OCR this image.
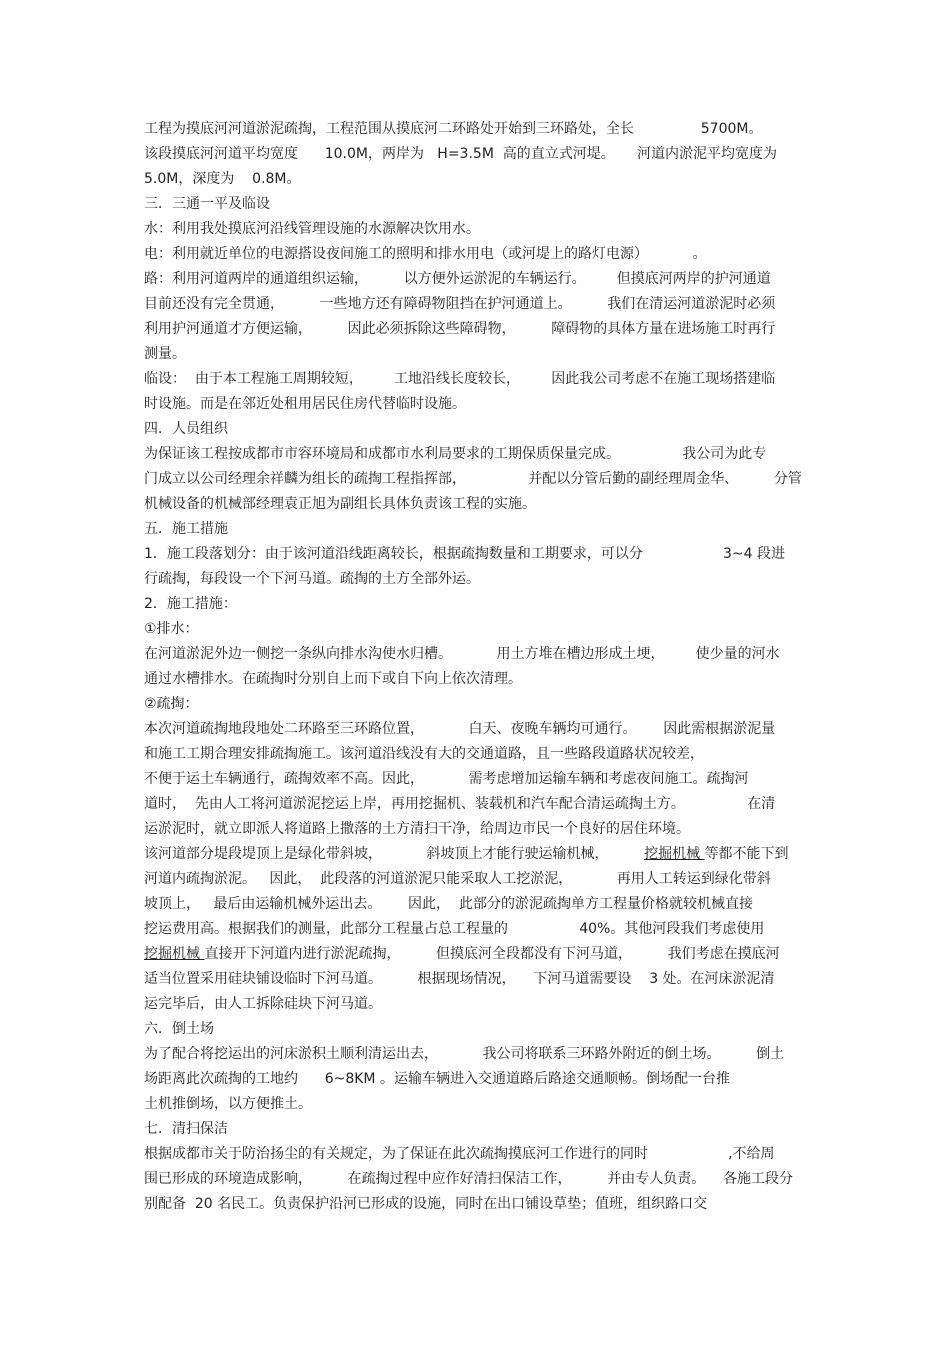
工程为摸底河河道淤泥疏掏，工程范围从摸底河二环路处开始到三环路处，全长               5700M。
该段摸底河河道平均宽度      10.0M，两岸为   H=3.5M  高的直立式河堤。     河道内淤泥平均宽度为
5.0M，深度为    0.8M。
三．三通一平及临设
水：利用我处摸底河沿线管理设施的水源解决饮用水。
电：利用就近单位的电源搭设夜间施工的照明和排水用电（或河堤上的路灯电源）          。
路：利用河道两岸的通道组织运输，        以方便外运淤泥的车辆运行。       但摸底河两岸的护河通道
目前还没有完全贯通，        一些地方还有障碍物阻挡在护河通道上。        我们在清运河道淤泥时必须
利用护河通道才方便运输，        因此必须拆除这些障碍物，        障碍物的具体方量在进场施工时再行
测量。
临设：  由于本工程施工周期较短，       工地沿线长度较长，       因此我公司考虑不在施工现场搭建临
时设施。而是在邻近处租用居民住房代替临时设施。
四．人员组织
为保证该工程按成都市市容环境局和成都市水利局要求的工期保质保量完成。              我公司为此专
门成立以公司经理余祥麟为组长的疏掏工程指挥部，              并配以分管后勤的副经理周金华、        分管
机械设备的机械部经理袁正旭为副组长具体负责该工程的实施。
五．施工措施
1．施工段落划分：由于该河道沿线距离较长，根据疏掏数量和工期要求，可以分                  3~4 段进
行疏掏，每段设一个下河马道。疏掏的土方全部外运。
2．施工措施：
①排水：
在河道淤泥外边一侧挖一条纵向排水沟使水归槽。          用土方堆在槽边形成土埂，       使少量的河水
通过水槽排水。在疏掏时分别自上而下或自下向上依次清理。
②疏掏：
本次河道疏掏地段地处二环路至三环路位置，          白天、夜晚车辆均可通行。      因此需根据淤泥量
和施工工期合理安排疏掏施工。该河道沿线没有大的交通道路，且一些路段道路状况较差，
不便于运土车辆通行，疏掏效率不高。因此，          需考虑增加运输车辆和考虑夜间施工。疏掏河
道时，  先由人工将河道淤泥挖运上岸，再用挖掘机、装载机和汽车配合清运疏掏土方。              在清
运淤泥时，就立即派人将道路上撒落的土方清扫干净，给周边市民一个良好的居住环境。
该河道部分堤段堤顶上是绿化带斜坡，          斜坡顶上才能行驶运输机械，        挖掘机械 等都不能下到
河道内疏掏淤泥。   因此，  此段落的河道淤泥只能采取人工挖淤泥，          再用人工转运到绿化带斜
坡顶上，   最后由运输机械外运出去。      因此，  此部分的淤泥疏掏单方工程量价格就较机械直接
挖运费用高。根据我们的测量，此部分工程量占总工程量的                40%。其他河段我们考虑使用
挖掘机械 直接开下河道内进行淤泥疏掏，        但摸底河全段都没有下河马道，        我们考虑在摸底河
适当位置采用硅块铺设临时下河马道。        根据现场情况，    下河马道需要设    3 处。在河床淤泥清
运完毕后，由人工拆除硅块下河马道。
六．倒土场
为了配合将挖运出的河床淤积土顺利清运出去，          我公司将联系三环路外附近的倒土场。        倒土
场距离此次疏掏的工地约      6~8KM 。运输车辆进入交通道路后路途交通顺畅。倒场配一台推
土机推倒场，以方便推土。
七．清扫保洁
根据成都市关于防治扬尘的有关规定，为了保证在此次疏掏摸底河工作进行的同时                  ,不给周
围已形成的环境造成影响，        在疏掏过程中应作好清扫保洁工作，        并由专人负责。    各施工段分
别配备  20 名民工。负责保护沿河已形成的设施，同时在出口铺设草垫；值班，组织路口交
